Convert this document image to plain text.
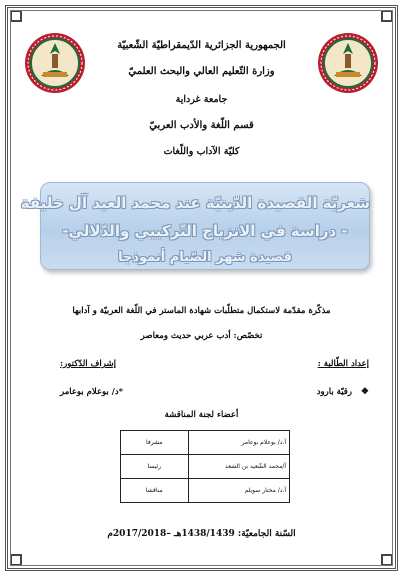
الجمهورية الجزائرية الدّيمقراطيّة الشّعبيّة
وزارة التّعليم العالي والبحث العلميّ
جامعة غرداية
قسم اللّغة والأدب العربيّ
كليّة الآداب واللّغات
شعريّة القصيدة الدّينيّة عند محمد العيد آل خليفة
- دراسة في الانزياح التّركيبي والدّلالي-
قصيدة شهر الصّيام أنموذجا
مذكّرة مقدّمة لاستكمال متطلّبات شهادة الماستر في اللّغة العربيّة و آدابها
تخصّص: أدب عربي حديث ومعاصر
إعداد الطّالبة :
إشراف الدّكتور:
❖ رقيّة بارود
*د/ بوعلام بوعامر
أعضاء لجنة المناقشة
أ.د/ بوعلام بوعامر	مشرفا
أ/محمد الشّعيد بن الشعد	رئيسا
أ.د/ مختار سويلم	مناقشا
السّنة الجامعيّة: 1438/1439هـ –2017/2018م
